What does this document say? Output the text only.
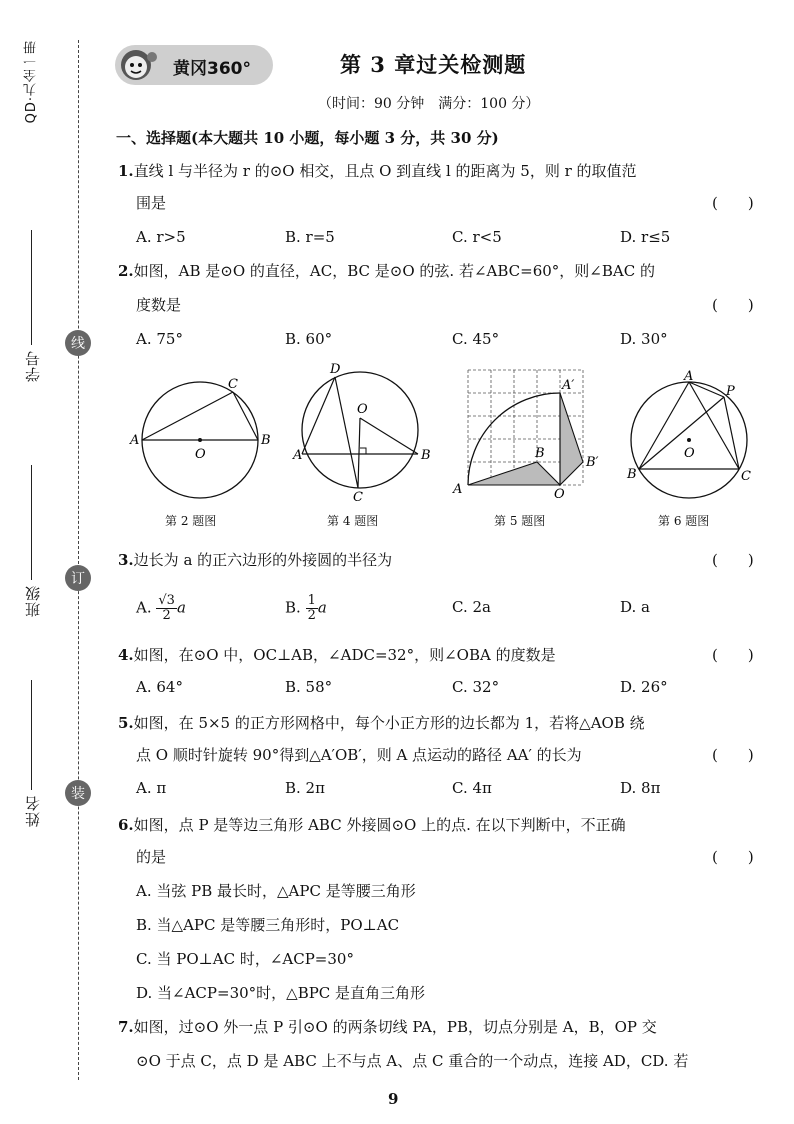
QD·九全一册
学号
班级
姓名
线
订
装
黄冈360°	第 3 章过关检测题
（时间：90 分钟　满分：100 分）
一、选择题(本大题共 10 小题，每小题 3 分，共 30 分)
1.直线 l 与半径为 r 的⊙O 相交，且点 O 到直线 l 的距离为 5，则 r 的取值范
围是	(　　)
A. r>5	B. r=5	C. r<5	D. r≤5
2.如图，AB 是⊙O 的直径，AC，BC 是⊙O 的弦. 若∠ABC=60°，则∠BAC 的
度数是	(　　)
A. 75°	B. 60°	C. 45°	D. 30°
A	B
C
O
第 2 题图
D
O
A	B
C
第 4 题图
A
B
O
A′
B′
第 5 题图
A
P
B	C
O
第 6 题图
3.边长为 a 的正六边形的外接圆的半径为	(　　)
A. $\frac{√3}{2}$ a	B. $\frac{1}{2}$ a	C. 2a	D. a
4.如图，在⊙O 中，OC⊥AB，∠ADC=32°，则∠OBA 的度数是	(　　)
A. 64°	B. 58°	C. 32°	D. 26°
5.如图，在 5×5 的正方形网格中，每个小正方形的边长都为 1，若将△AOB 绕
点 O 顺时针旋转 90°得到△A′OB′，则 A 点运动的路径 AA′ 的长为	(　　)
A. π	B. 2π	C. 4π	D. 8π
6.如图，点 P 是等边三角形 ABC 外接圆⊙O 上的点. 在以下判断中，不正确
的是	(　　)
A. 当弦 PB 最长时，△APC 是等腰三角形
B. 当△APC 是等腰三角形时，PO⊥AC
C. 当 PO⊥AC 时，∠ACP=30°
D. 当∠ACP=30°时，△BPC 是直角三角形
7.如图，过⊙O 外一点 P 引⊙O 的两条切线 PA，PB，切点分别是 A，B，OP 交
⊙O 于点 C，点 D 是 ABC 上不与点 A、点 C 重合的一个动点，连接 AD，CD. 若
9
